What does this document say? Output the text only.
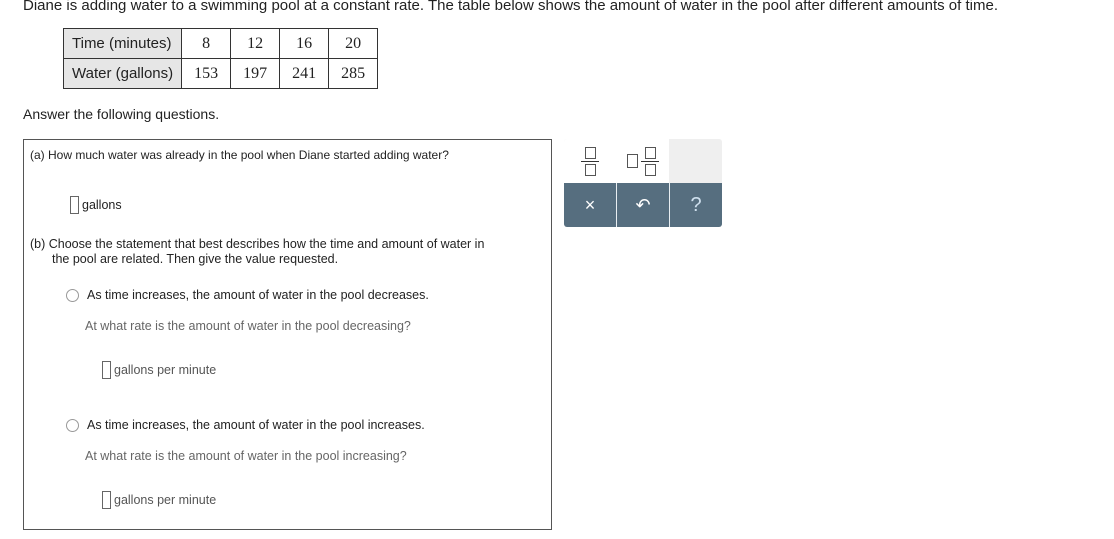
Diane is adding water to a swimming pool at a constant rate. The table below shows the amount of water in the pool after different amounts of time.
Time (minutes)	8	12	16	20
Water (gallons)	153	197	241	285
Answer the following questions.
(a) How much water was already in the pool when Diane started adding water?
gallons
(b) Choose the statement that best describes how the time and amount of water in
the pool are related. Then give the value requested.
As time increases, the amount of water in the pool decreases.
At what rate is the amount of water in the pool decreasing?
gallons per minute
As time increases, the amount of water in the pool increases.
At what rate is the amount of water in the pool increasing?
gallons per minute
× ↶ ?
